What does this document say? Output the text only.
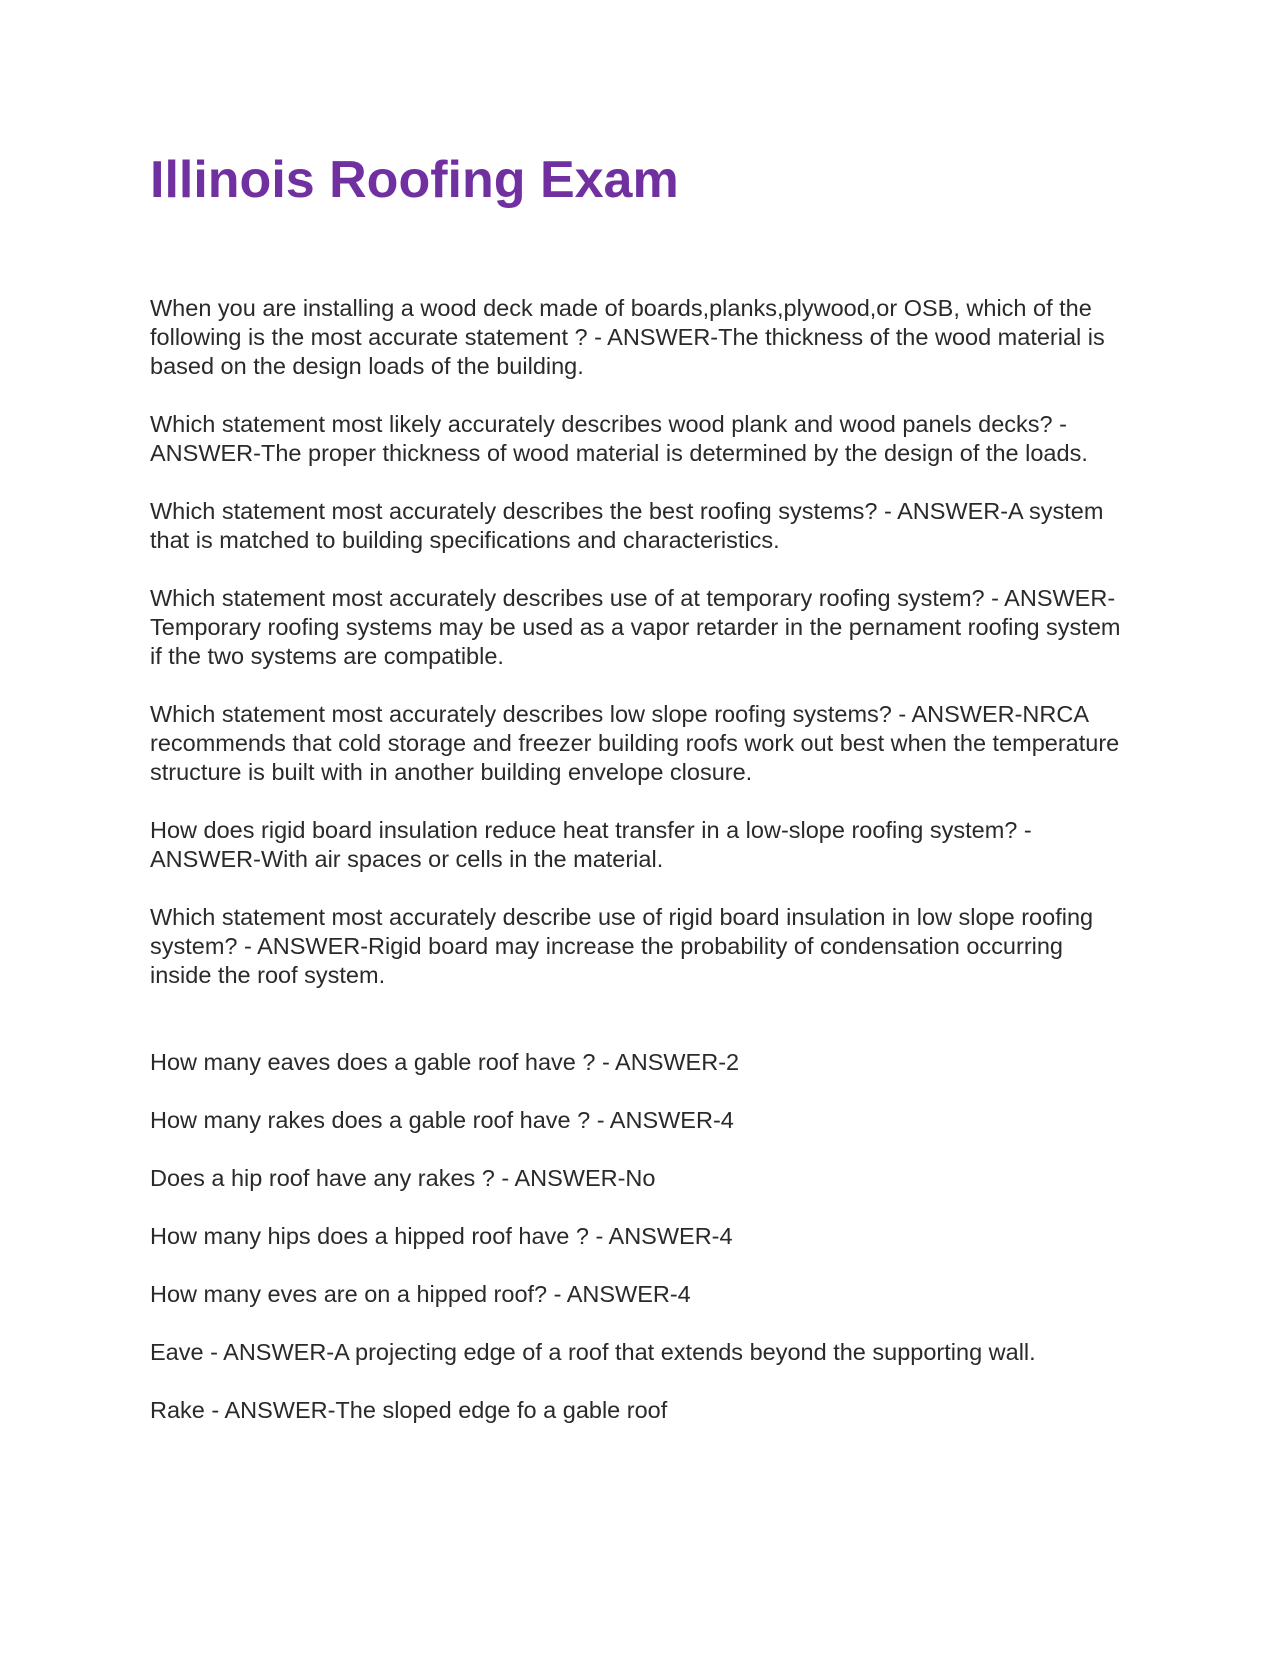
Illinois Roofing Exam
When you are installing a wood deck made of boards,planks,plywood,or OSB, which of the following is the most accurate statement ? - ANSWER-The thickness of the wood material is based on the design loads of the building.
Which statement most likely accurately describes wood plank and wood panels decks? - ANSWER-The proper thickness of wood material is determined by the design of the loads.
Which statement most accurately describes the best roofing systems? - ANSWER-A system that is matched to building specifications and characteristics.
Which statement most accurately describes use of at temporary roofing system? - ANSWER-Temporary roofing systems may be used as a vapor retarder in the pernament roofing system if the two systems are compatible.
Which statement most accurately describes low slope roofing systems? - ANSWER-NRCA recommends that cold storage and freezer building roofs work out best when the temperature structure is built with in another building envelope closure.
How does rigid board insulation reduce heat transfer in a low-slope roofing system? - ANSWER-With air spaces or cells in the material.
Which statement most accurately describe use of rigid board insulation in low slope roofing system? - ANSWER-Rigid board may increase the probability of condensation occurring inside the roof system.
How many eaves does a gable roof have ? - ANSWER-2
How many rakes does a gable roof have ? - ANSWER-4
Does a hip roof have any rakes ? - ANSWER-No
How many hips does a hipped roof have ? - ANSWER-4
How many eves are on a hipped roof? - ANSWER-4
Eave - ANSWER-A projecting edge of a roof that extends beyond the supporting wall.
Rake - ANSWER-The sloped edge fo a gable roof
